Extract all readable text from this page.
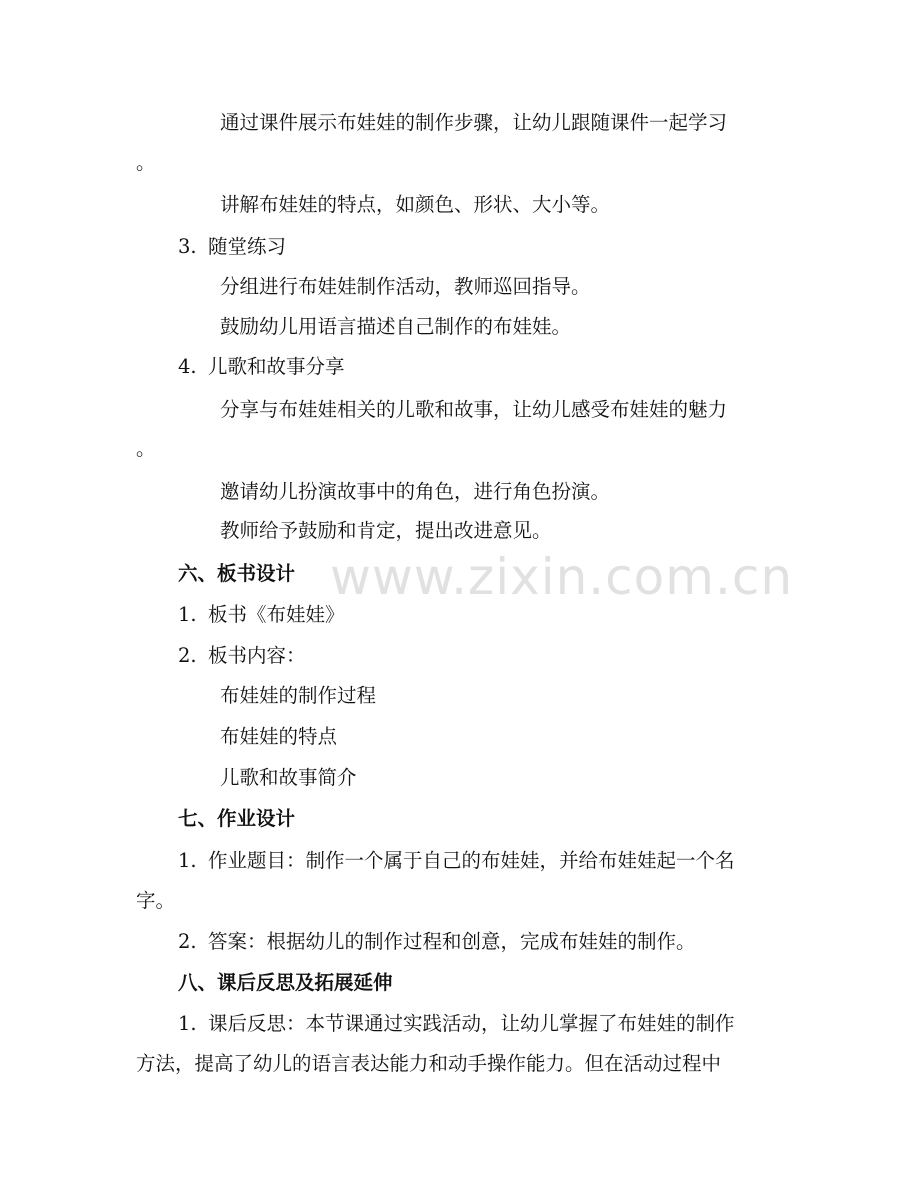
通过课件展示布娃娃的制作步骤，让幼儿跟随课件一起学习
。
讲解布娃娃的特点，如颜色、形状、大小等。
3. 随堂练习
分组进行布娃娃制作活动，教师巡回指导。
鼓励幼儿用语言描述自己制作的布娃娃。
4. 儿歌和故事分享
分享与布娃娃相关的儿歌和故事，让幼儿感受布娃娃的魅力
。
邀请幼儿扮演故事中的角色，进行角色扮演。
教师给予鼓励和肯定，提出改进意见。
六、板书设计
1. 板书《布娃娃》
2. 板书内容：
布娃娃的制作过程
布娃娃的特点
儿歌和故事简介
七、作业设计
1. 作业题目：制作一个属于自己的布娃娃，并给布娃娃起一个名
字。
2. 答案：根据幼儿的制作过程和创意，完成布娃娃的制作。
八、课后反思及拓展延伸
1. 课后反思：本节课通过实践活动，让幼儿掌握了布娃娃的制作
方法，提高了幼儿的语言表达能力和动手操作能力。但在活动过程中
www.zixin.com.cn
